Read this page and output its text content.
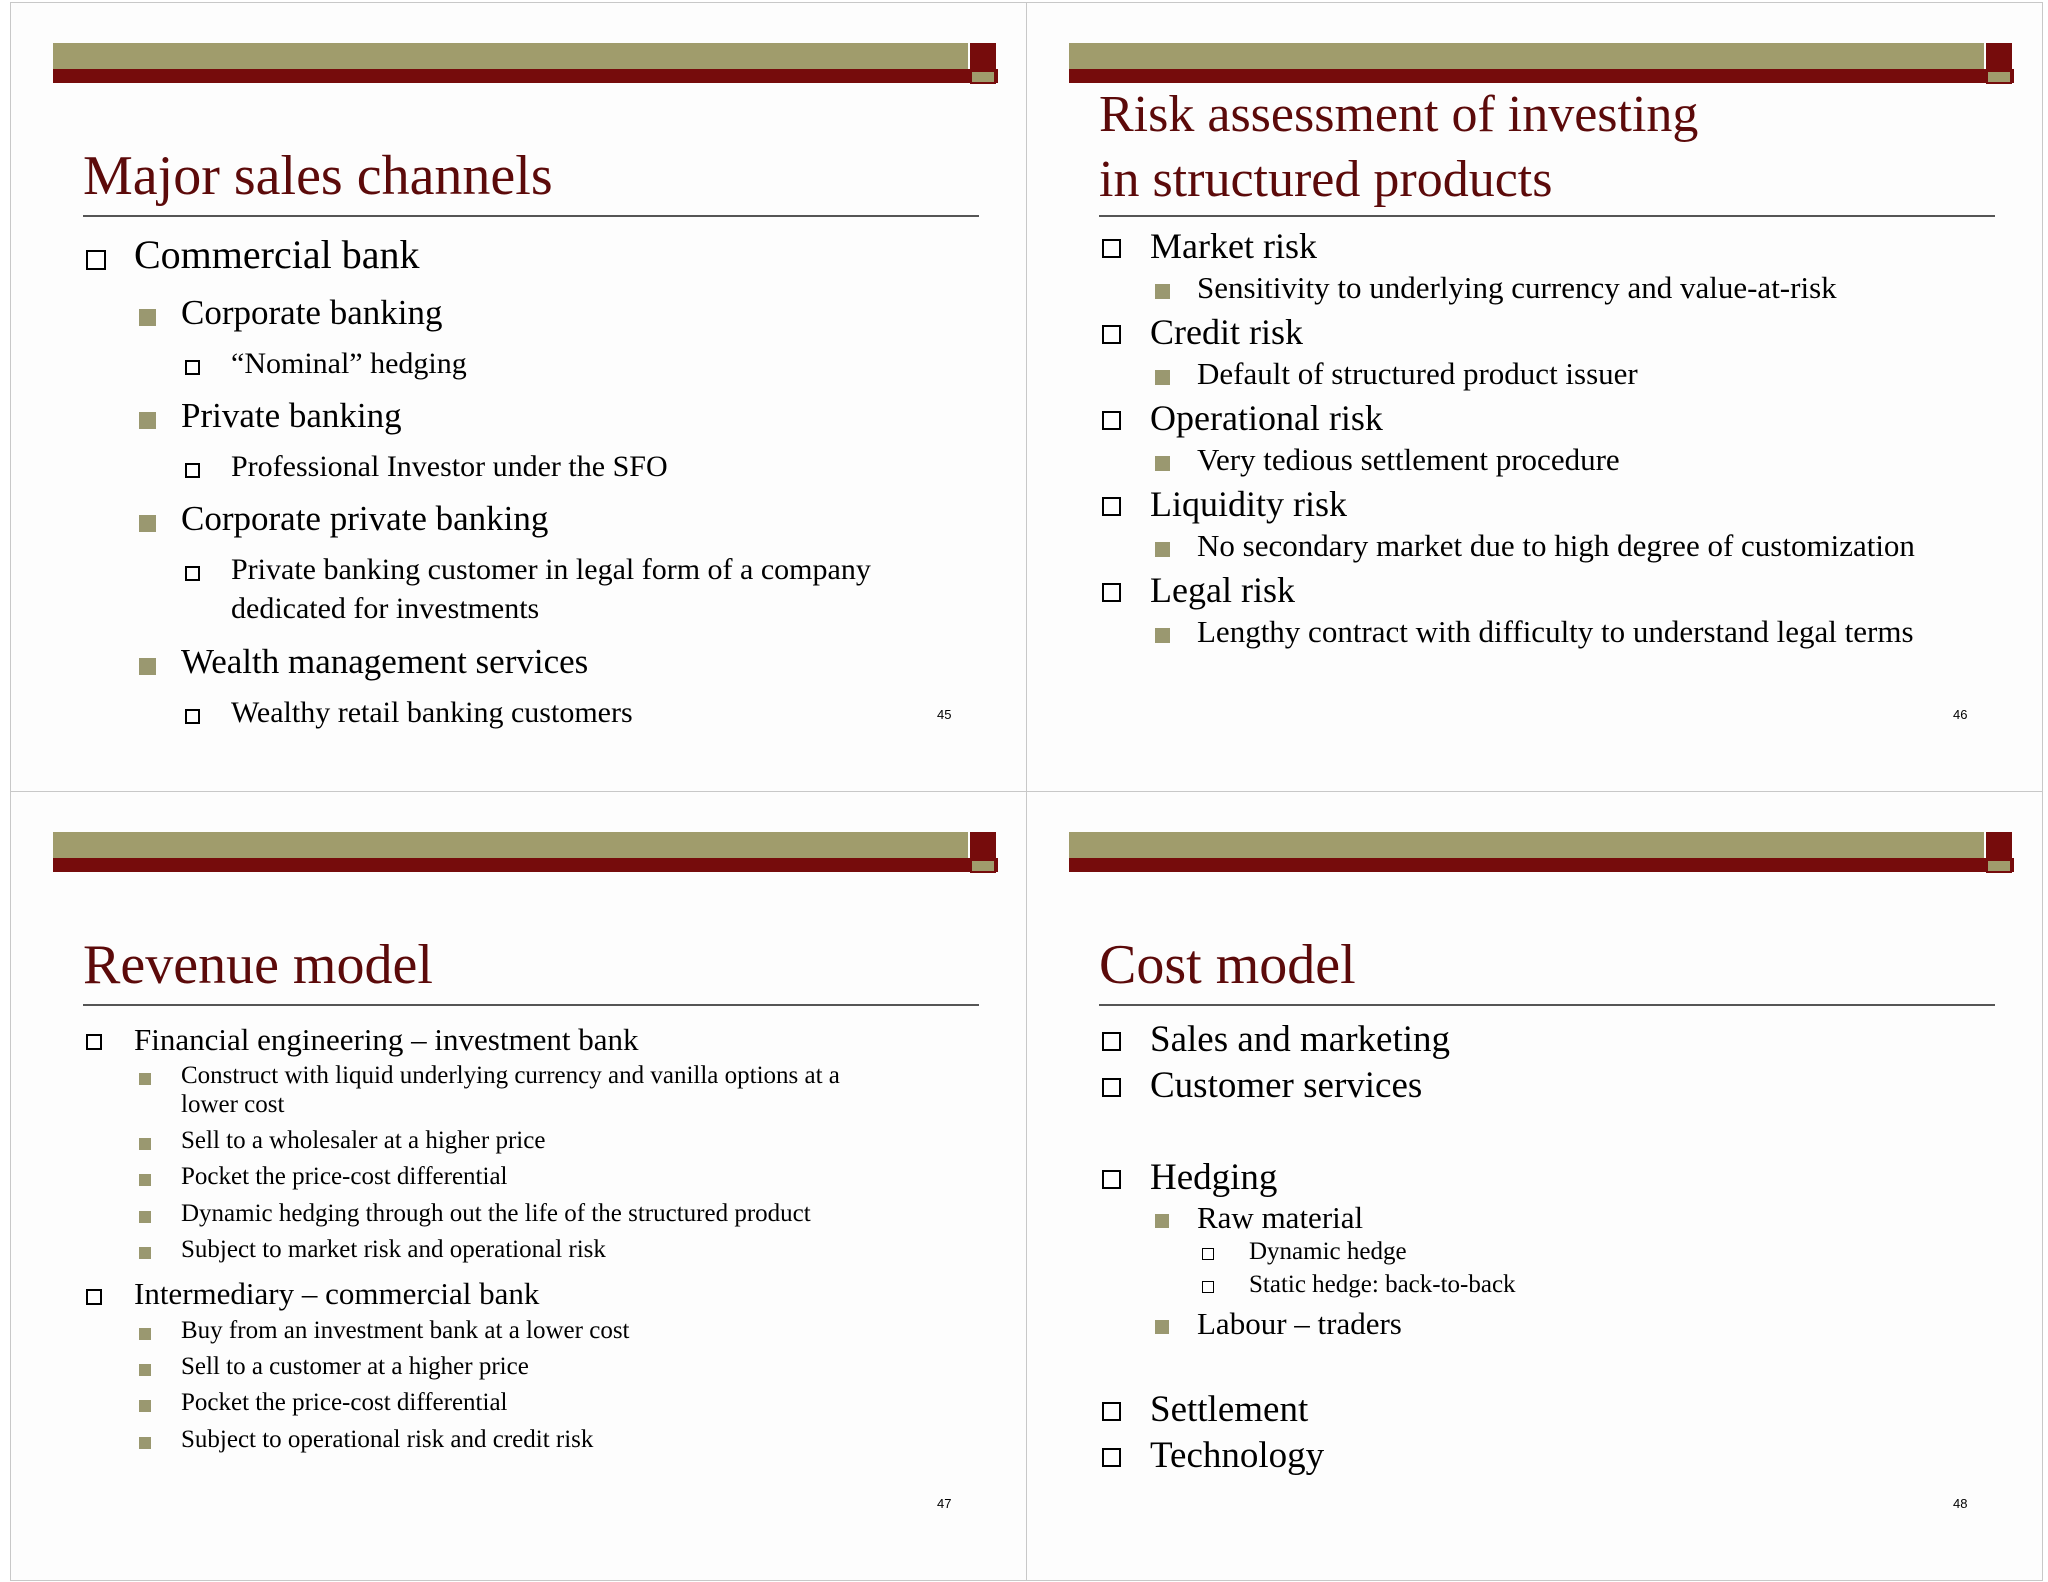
Major sales channels
Commercial bank
Corporate banking
“Nominal” hedging
Private banking
Professional Investor under the SFO
Corporate private banking
Private banking customer in legal form of a company
dedicated for investments
Wealth management services
Wealthy retail banking customers	45
Risk assessment of investing
in structured products
Market risk
Sensitivity to underlying currency and value-at-risk
Credit risk
Default of structured product issuer
Operational risk
Very tedious settlement procedure
Liquidity risk
No secondary market due to high degree of customization
Legal risk
Lengthy contract with difficulty to understand legal terms
46
Revenue model
Financial engineering – investment bank
Construct with liquid underlying currency and vanilla options at a
lower cost
Sell to a wholesaler at a higher price
Pocket the price-cost differential
Dynamic hedging through out the life of the structured product
Subject to market risk and operational risk
Intermediary – commercial bank
Buy from an investment bank at a lower cost
Sell to a customer at a higher price
Pocket the price-cost differential
Subject to operational risk and credit risk
47
Cost model
Sales and marketing
Customer services
Hedging
Raw material
Dynamic hedge
Static hedge: back-to-back
Labour – traders
Settlement
Technology
48
